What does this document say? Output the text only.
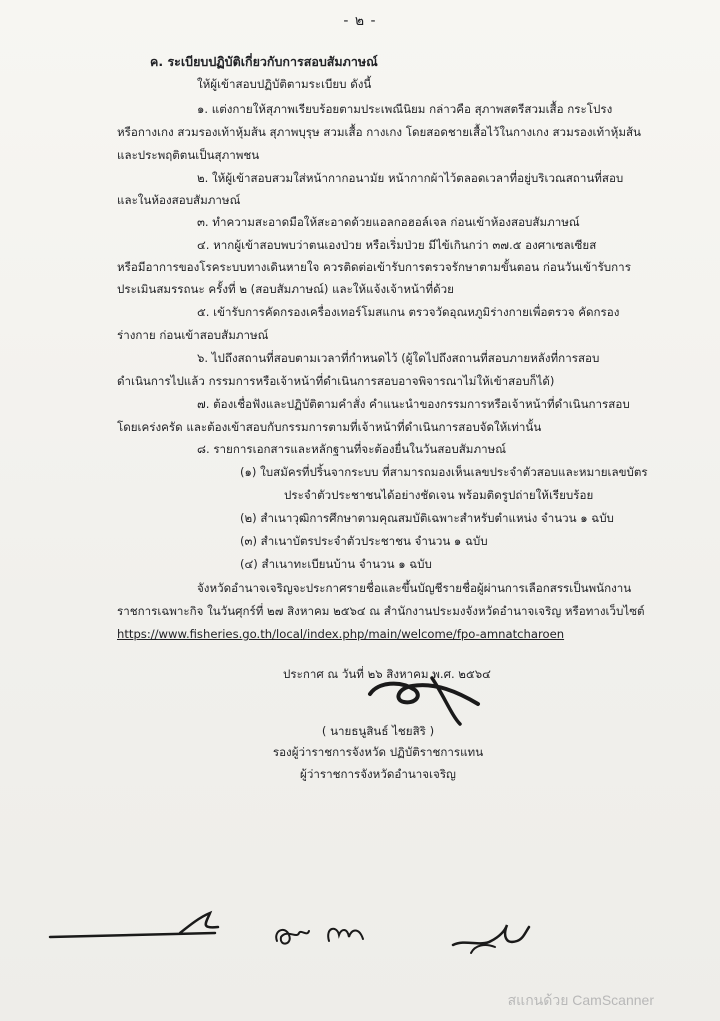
- ๒ -
ค. ระเบียบปฏิบัติเกี่ยวกับการสอบสัมภาษณ์
ให้ผู้เข้าสอบปฏิบัติตามระเบียบ ดังนี้
๑. แต่งกายให้สุภาพเรียบร้อยตามประเพณีนิยม กล่าวคือ สุภาพสตรีสวมเสื้อ กระโปรง
หรือกางเกง สวมรองเท้าหุ้มส้น สุภาพบุรุษ สวมเสื้อ กางเกง โดยสอดชายเสื้อไว้ในกางเกง สวมรองเท้าหุ้มส้น
และประพฤติตนเป็นสุภาพชน
๒. ให้ผู้เข้าสอบสวมใส่หน้ากากอนามัย หน้ากากผ้าไว้ตลอดเวลาที่อยู่บริเวณสถานที่สอบ
และในห้องสอบสัมภาษณ์
๓. ทำความสะอาดมือให้สะอาดด้วยแอลกอฮอล์เจล ก่อนเข้าห้องสอบสัมภาษณ์
๔. หากผู้เข้าสอบพบว่าตนเองป่วย หรือเริ่มป่วย มีไข้เกินกว่า ๓๗.๕ องศาเซลเซียส
หรือมีอาการของโรคระบบทางเดินหายใจ ควรติดต่อเข้ารับการตรวจรักษาตามขั้นตอน ก่อนวันเข้ารับการ
ประเมินสมรรถนะ ครั้งที่ ๒ (สอบสัมภาษณ์) และให้แจ้งเจ้าหน้าที่ด้วย
๕. เข้ารับการคัดกรองเครื่องเทอร์โมสแกน ตรวจวัดอุณหภูมิร่างกายเพื่อตรวจ คัดกรอง
ร่างกาย ก่อนเข้าสอบสัมภาษณ์
๖. ไปถึงสถานที่สอบตามเวลาที่กำหนดไว้ (ผู้ใดไปถึงสถานที่สอบภายหลังที่การสอบ
ดำเนินการไปแล้ว กรรมการหรือเจ้าหน้าที่ดำเนินการสอบอาจพิจารณาไม่ให้เข้าสอบก็ได้)
๗. ต้องเชื่อฟังและปฏิบัติตามคำสั่ง คำแนะนำของกรรมการหรือเจ้าหน้าที่ดำเนินการสอบ
โดยเคร่งครัด และต้องเข้าสอบกับกรรมการตามที่เจ้าหน้าที่ดำเนินการสอบจัดให้เท่านั้น
๘. รายการเอกสารและหลักฐานที่จะต้องยื่นในวันสอบสัมภาษณ์
(๑) ใบสมัครที่ปริ้นจากระบบ ที่สามารถมองเห็นเลขประจำตัวสอบและหมายเลขบัตร
ประจำตัวประชาชนได้อย่างชัดเจน พร้อมติดรูปถ่ายให้เรียบร้อย
(๒) สำเนาวุฒิการศึกษาตามคุณสมบัติเฉพาะสำหรับตำแหน่ง จำนวน ๑ ฉบับ
(๓) สำเนาบัตรประจำตัวประชาชน จำนวน ๑ ฉบับ
(๔) สำเนาทะเบียนบ้าน จำนวน ๑ ฉบับ
จังหวัดอำนาจเจริญจะประกาศรายชื่อและขึ้นบัญชีรายชื่อผู้ผ่านการเลือกสรรเป็นพนักงาน
ราชการเฉพาะกิจ ในวันศุกร์ที่ ๒๗ สิงหาคม ๒๕๖๔ ณ สำนักงานประมงจังหวัดอำนาจเจริญ หรือทางเว็บไซต์
https://www.fisheries.go.th/local/index.php/main/welcome/fpo-amnatcharoen
ประกาศ ณ วันที่ ๒๖ สิงหาคม พ.ศ. ๒๕๖๔
( นายธนูสินธ์ ไชยสิริ )
รองผู้ว่าราชการจังหวัด ปฏิบัติราชการแทน
ผู้ว่าราชการจังหวัดอำนาจเจริญ
สแกนด้วย CamScanner
